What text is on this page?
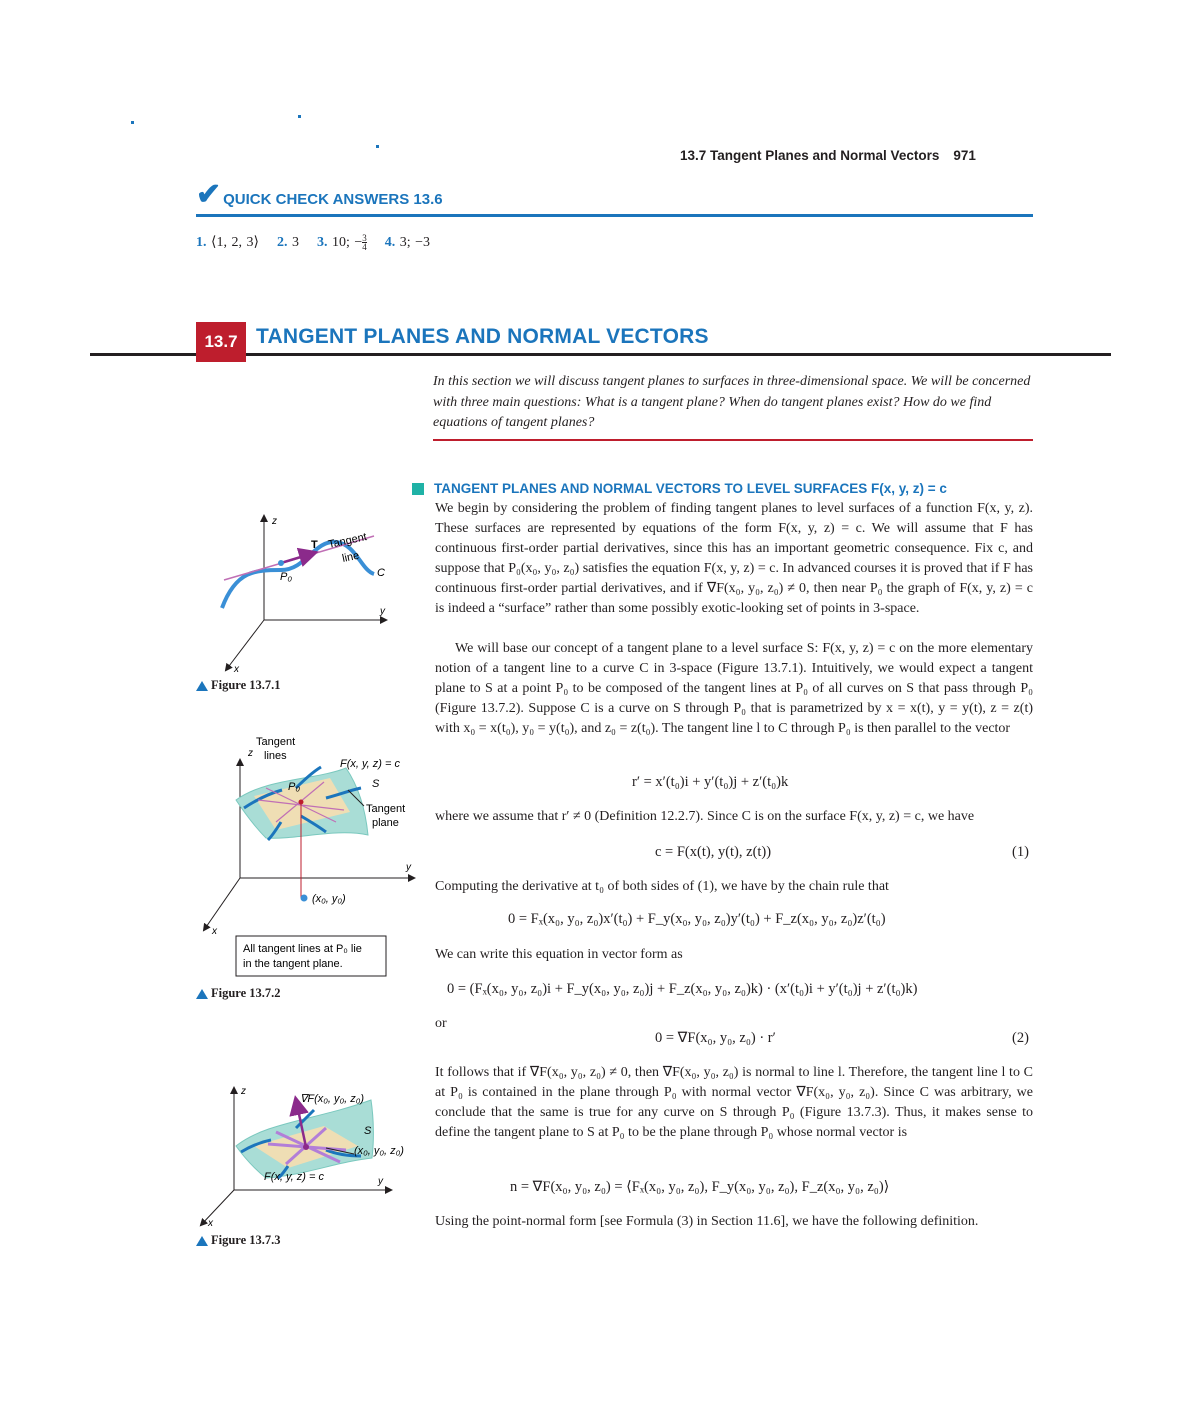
13.7 Tangent Planes and Normal Vectors 971
✔ QUICK CHECK ANSWERS 13.6
1. ⟨1, 2, 3⟩ 2. 3 3. 10; − $\frac{3}{4} 4$. 3; −3
13.7 TANGENT PLANES AND NORMAL VECTORS
In this section we will discuss tangent planes to surfaces in three-dimensional space. We will be concerned with three main questions: What is a tangent plane? When do tangent planes exist? How do we find equations of tangent planes?
TANGENT PLANES AND NORMAL VECTORS TO LEVEL SURFACES F(x, y, z) = c
We begin by considering the problem of finding tangent planes to level surfaces of a function F(x, y, z). These surfaces are represented by equations of the form F(x, y, z) = c. We will assume that F has continuous first-order partial derivatives, since this has an important geometric consequence. Fix c, and suppose that P₀(x₀, y₀, z₀) satisfies the equation F(x, y, z) = c. In advanced courses it is proved that if F has continuous first-order partial derivatives, and if ∇F(x₀, y₀, z₀) ≠ 0, then near P₀ the graph of F(x, y, z) = c is indeed a “surface” rather than some possibly exotic-looking set of points in 3-space.
We will base our concept of a tangent plane to a level surface S: F(x, y, z) = c on the more elementary notion of a tangent line to a curve C in 3-space (Figure 13.7.1). Intuitively, we would expect a tangent plane to S at a point P₀ to be composed of the tangent lines at P₀ of all curves on S that pass through P₀ (Figure 13.7.2). Suppose C is a curve on S through P₀ that is parametrized by x = x(t), y = y(t), z = z(t) with x₀ = x(t₀), y₀ = y(t₀), and z₀ = z(t₀). The tangent line l to C through P₀ is then parallel to the vector
r′ = x′(t₀)i + y′(t₀)j + z′(t₀)k
where we assume that r′ ≠ 0 (Definition 12.2.7). Since C is on the surface F(x, y, z) = c, we have
c = F(x(t), y(t), z(t))	(1)
Computing the derivative at t₀ of both sides of (1), we have by the chain rule that
0 = Fₓ(x₀, y₀, z₀)x′(t₀) + F_y(x₀, y₀, z₀)y′(t₀) + F_z(x₀, y₀, z₀)z′(t₀)
We can write this equation in vector form as
0 = (Fₓ(x₀, y₀, z₀)i + F_y(x₀, y₀, z₀)j + F_z(x₀, y₀, z₀)k) · (x′(t₀)i + y′(t₀)j + z′(t₀)k)
or
0 = ∇F(x₀, y₀, z₀) · r′	(2)
It follows that if ∇F(x₀, y₀, z₀) ≠ 0, then ∇F(x₀, y₀, z₀) is normal to line l. Therefore, the tangent line l to C at P₀ is contained in the plane through P₀ with normal vector ∇F(x₀, y₀, z₀). Since C was arbitrary, we conclude that the same is true for any curve on S through P₀ (Figure 13.7.3). Thus, it makes sense to define the tangent plane to S at P₀ to be the plane through P₀ whose normal vector is
n = ∇F(x₀, y₀, z₀) = ⟨Fₓ(x₀, y₀, z₀), F_y(x₀, y₀, z₀), F_z(x₀, y₀, z₀)⟩
Using the point-normal form [see Formula (3) in Section 11.6], we have the following definition.
z
y
x
T Tangent
line
C
P₀
Figure 13.7.1
z
y
x
Tangent
lines
F(x, y, z) = c
S
P₀
Tangent
plane
(x₀, y₀)
All tangent lines at P₀ lie
in the tangent plane.
Figure 13.7.2
z
y
x
∇F(x₀, y₀, z₀)
S
(x₀, y₀, z₀)
F(x, y, z) = c
Figure 13.7.3
